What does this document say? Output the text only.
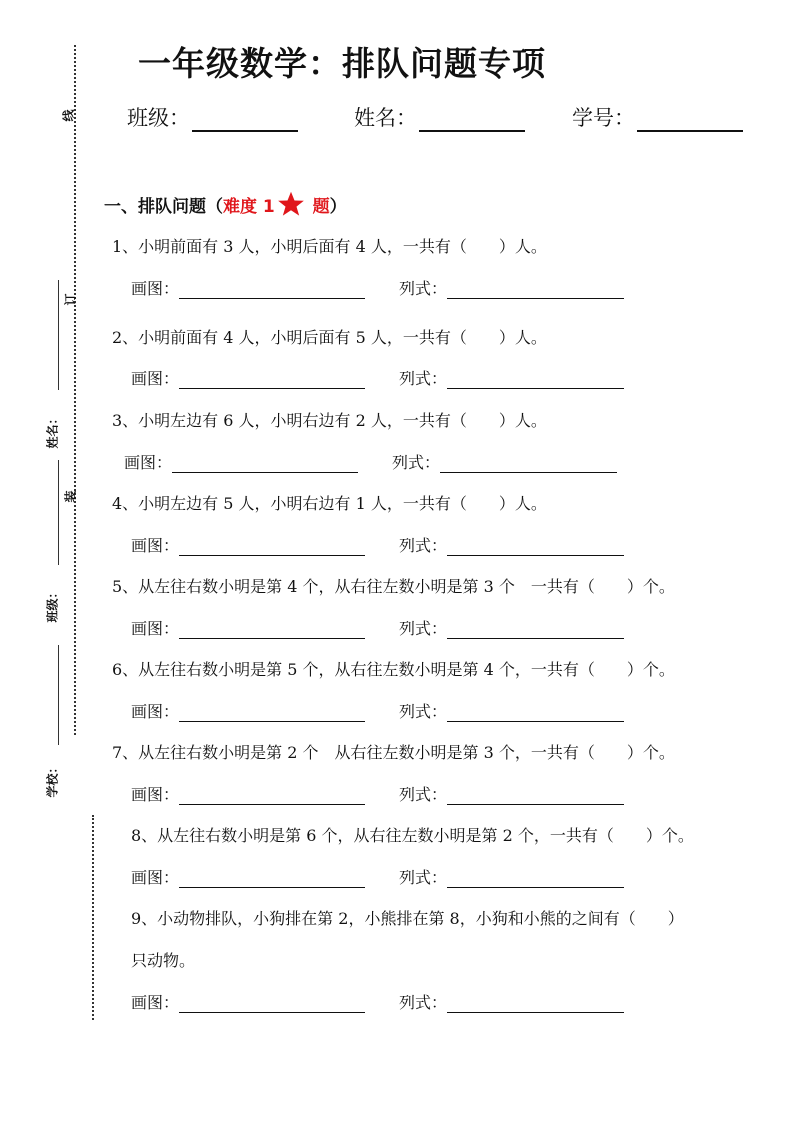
线
订
装
姓名：
班级：
学校：
一年级数学：排队问题专项
班级：	姓名：	学号：
一、排队问题（难度 1 题）
1、小明前面有 3 人，小明后面有 4 人，一共有（　　）人。
画图：	列式：
2、小明前面有 4 人，小明后面有 5 人，一共有（　　）人。
画图：	列式：
3、小明左边有 6 人，小明右边有 2 人，一共有（　　）人。
画图：	列式：
4、小明左边有 5 人，小明右边有 1 人，一共有（　　）人。
画图：	列式：
5、从左往右数小明是第 4 个，从右往左数小明是第 3 个　一共有（　　）个。
画图：	列式：
6、从左往右数小明是第 5 个，从右往左数小明是第 4 个，一共有（　　）个。
画图：	列式：
7、从左往右数小明是第 2 个　从右往左数小明是第 3 个，一共有（　　）个。
画图：	列式：
8、从左往右数小明是第 6 个，从右往左数小明是第 2 个，一共有（　　）个。
画图：	列式：
9、小动物排队，小狗排在第 2，小熊排在第 8，小狗和小熊的之间有（　　）
只动物。
画图：	列式：
